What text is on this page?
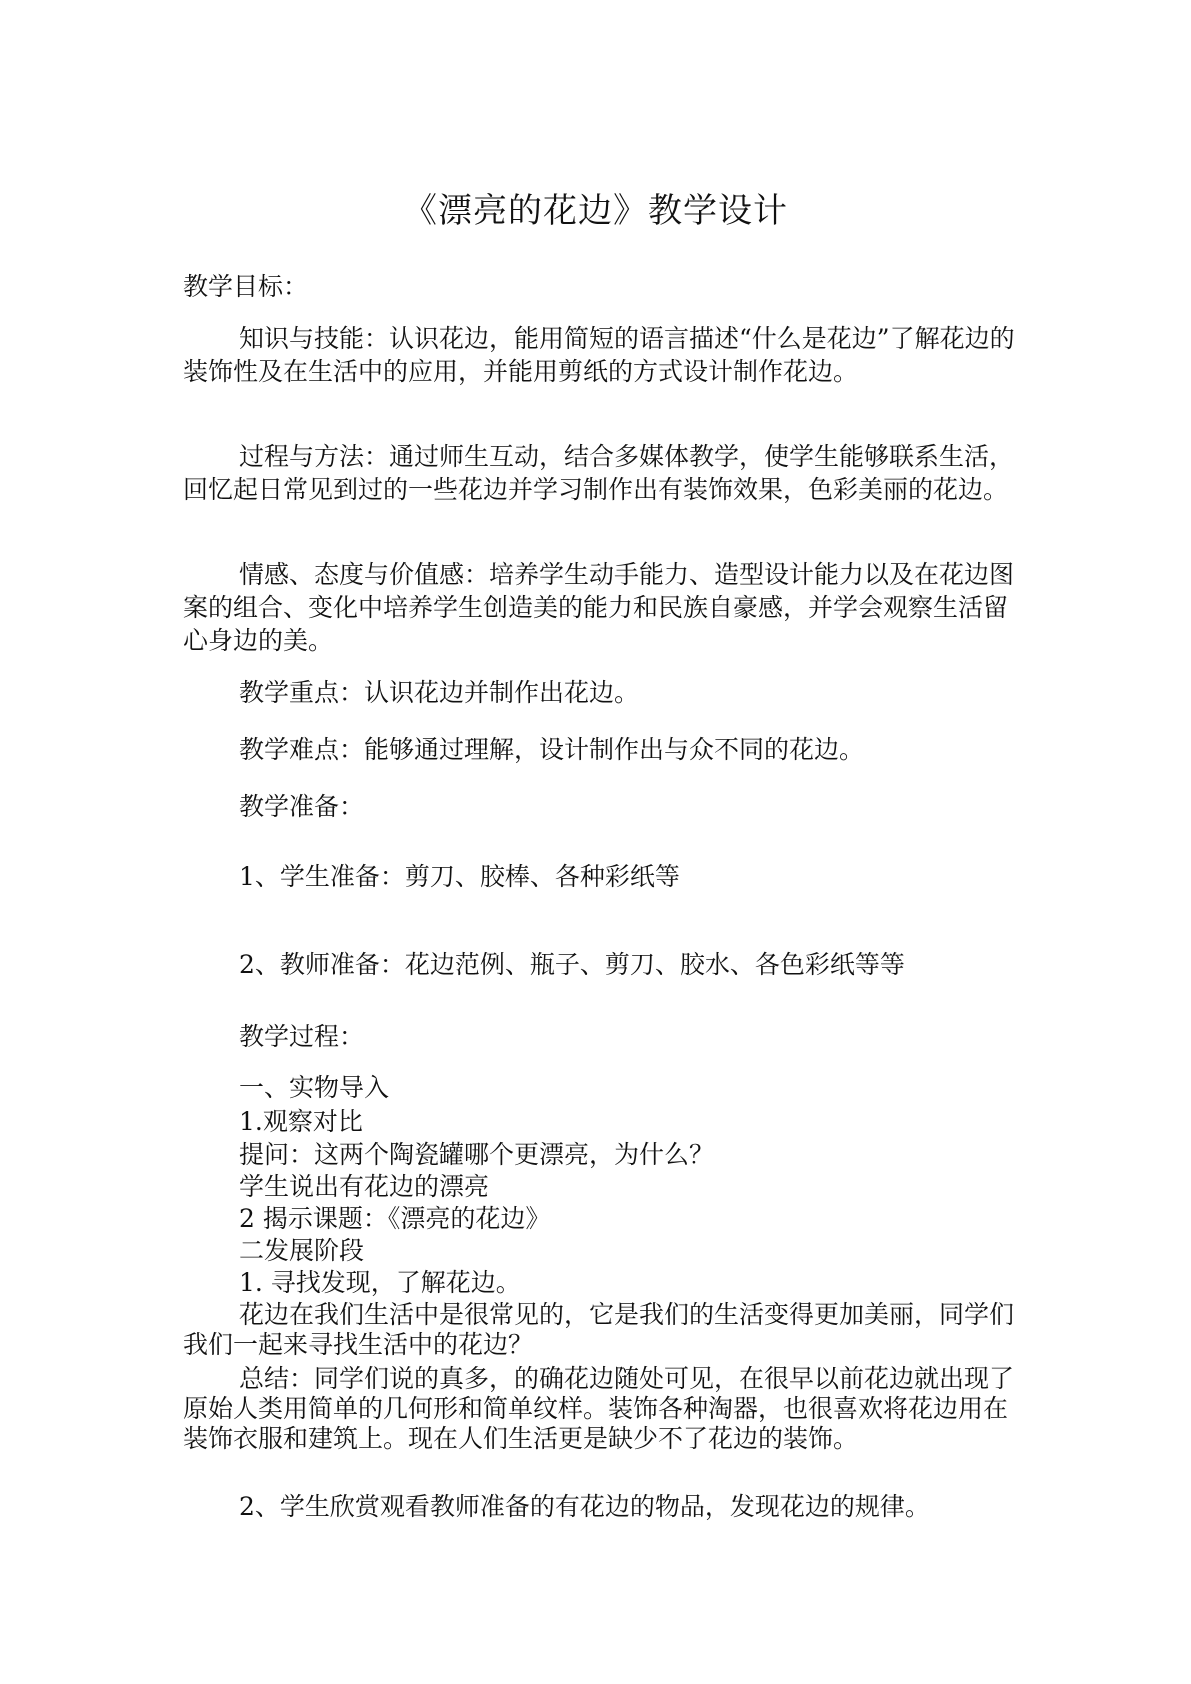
《漂亮的花边》教学设计

教学目标：

知识与技能：认识花边，能用简短的语言描述“什么是花边”了解花边的装饰性及在生活中的应用，并能用剪纸的方式设计制作花边。

过程与方法：通过师生互动，结合多媒体教学，使学生能够联系生活，回忆起日常见到过的一些花边并学习制作出有装饰效果，色彩美丽的花边。

情感、态度与价值感：培养学生动手能力、造型设计能力以及在花边图案的组合、变化中培养学生创造美的能力和民族自豪感，并学会观察生活留心身边的美。

教学重点：认识花边并制作出花边。

教学难点：能够通过理解，设计制作出与众不同的花边。

教学准备：

1、学生准备：剪刀、胶棒、各种彩纸等

2、教师准备：花边范例、瓶子、剪刀、胶水、各色彩纸等等

教学过程：

一、实物导入

1.观察对比

提问：这两个陶瓷罐哪个更漂亮，为什么？

学生说出有花边的漂亮

2 揭示课题：《漂亮的花边》

二发展阶段

1. 寻找发现，了解花边。

花边在我们生活中是很常见的，它是我们的生活变得更加美丽，同学们我们一起来寻找生活中的花边？

总结：同学们说的真多，的确花边随处可见，在很早以前花边就出现了原始人类用简单的几何形和简单纹样。装饰各种淘器，也很喜欢将花边用在装饰衣服和建筑上。现在人们生活更是缺少不了花边的装饰。

2、学生欣赏观看教师准备的有花边的物品，发现花边的规律。
